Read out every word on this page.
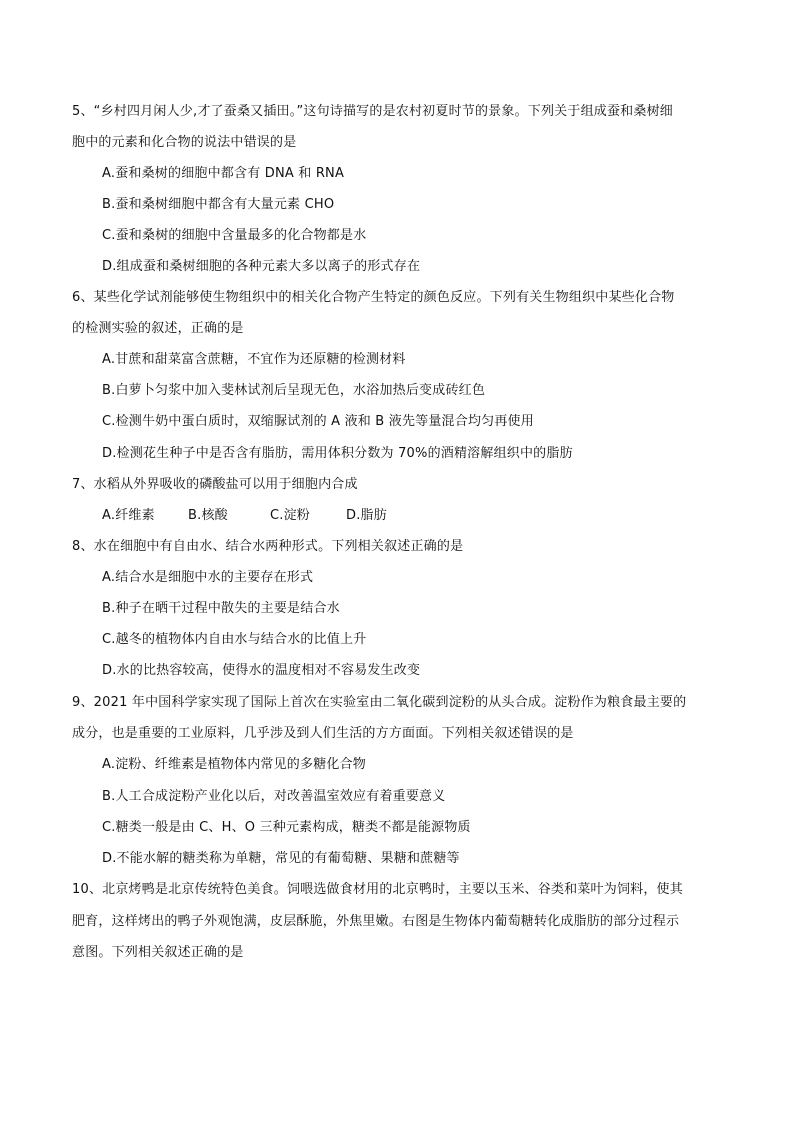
5、“乡村四月闲人少,才了蚕桑又插田。”这句诗描写的是农村初夏时节的景象。下列关于组成蚕和桑树细
胞中的元素和化合物的说法中错误的是
A.蚕和桑树的细胞中都含有 DNA 和 RNA
B.蚕和桑树细胞中都含有大量元素 CHO
C.蚕和桑树的细胞中含量最多的化合物都是水
D.组成蚕和桑树细胞的各种元素大多以离子的形式存在
6、某些化学试剂能够使生物组织中的相关化合物产生特定的颜色反应。下列有关生物组织中某些化合物
的检测实验的叙述，正确的是
A.甘蔗和甜菜富含蔗糖，不宜作为还原糖的检测材料
B.白萝卜匀浆中加入斐林试剂后呈现无色，水浴加热后变成砖红色
C.检测牛奶中蛋白质时，双缩脲试剂的 A 液和 B 液先等量混合均匀再使用
D.检测花生种子中是否含有脂肪，需用体积分数为 70%的酒精溶解组织中的脂肪
7、水稻从外界吸收的磷酸盐可以用于细胞内合成
A.纤维素	B.核酸	C.淀粉	D.脂肪
8、水在细胞中有自由水、结合水两种形式。下列相关叙述正确的是
A.结合水是细胞中水的主要存在形式
B.种子在晒干过程中散失的主要是结合水
C.越冬的植物体内自由水与结合水的比值上升
D.水的比热容较高，使得水的温度相对不容易发生改变
9、2021 年中国科学家实现了国际上首次在实验室由二氧化碳到淀粉的从头合成。淀粉作为粮食最主要的
成分，也是重要的工业原料，几乎涉及到人们生活的方方面面。下列相关叙述错误的是
A.淀粉、纤维素是植物体内常见的多糖化合物
B.人工合成淀粉产业化以后，对改善温室效应有着重要意义
C.糖类一般是由 C、H、O 三种元素构成，糖类不都是能源物质
D.不能水解的糖类称为单糖，常见的有葡萄糖、果糖和蔗糖等
10、北京烤鸭是北京传统特色美食。饲喂选做食材用的北京鸭时，主要以玉米、谷类和菜叶为饲料，使其
肥育，这样烤出的鸭子外观饱满，皮层酥脆，外焦里嫩。右图是生物体内葡萄糖转化成脂肪的部分过程示
意图。下列相关叙述正确的是
